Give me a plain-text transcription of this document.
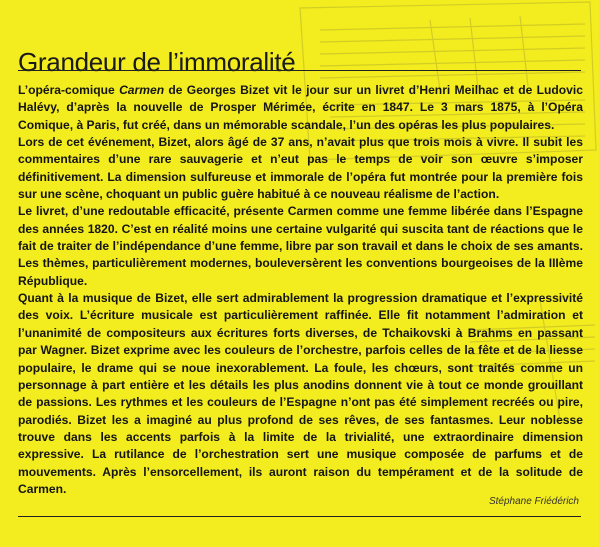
Grandeur de l’immoralité

L’opéra-comique Carmen de Georges Bizet vit le jour sur un livret d’Henri Meilhac et de Ludovic Halévy, d’après la nouvelle de Prosper Mérimée, écrite en 1847. Le 3 mars 1875, à l’Opéra Comique, à Paris, fut créé, dans un mémorable scandale, l’un des opéras les plus populaires.

Lors de cet événement, Bizet, alors âgé de 37 ans, n’avait plus que trois mois à vivre. Il subit les commentaires d’une rare sauvagerie et n’eut pas le temps de voir son œuvre s’imposer définitivement. La dimension sulfureuse et immorale de l’opéra fut montrée pour la première fois sur une scène, choquant un public guère habitué à ce nouveau réalisme de l’action.

Le livret, d’une redoutable efficacité, présente Carmen comme une femme libérée dans l’Espagne des années 1820. C’est en réalité moins une certaine vulgarité qui suscita tant de réactions que le fait de traiter de l’indépendance d’une femme, libre par son travail et dans le choix de ses amants. Les thèmes, particulièrement modernes, bouleversèrent les conventions bourgeoises de la IIIème République.

Quant à la musique de Bizet, elle sert admirablement la progression dramatique et l’expressivité des voix. L’écriture musicale est particulièrement raffinée. Elle fit notamment l’admiration et l’unanimité de compositeurs aux écritures forts diverses, de Tchaikovski à Brahms en passant par Wagner. Bizet exprime avec les couleurs de l’orchestre, parfois celles de la fête et de la liesse populaire, le drame qui se noue inexorablement. La foule, les chœurs, sont traités comme un personnage à part entière et les détails les plus anodins donnent vie à tout ce monde grouillant de passions. Les rythmes et les couleurs de l’Espagne n’ont pas été simplement recréés ou pire, parodiés. Bizet les a imaginé au plus profond de ses rêves, de ses fantasmes. Leur noblesse trouve dans les accents parfois à la limite de la trivialité, une extraordinaire dimension expressive. La rutilance de l’orchestration sert une musique composée de parfums et de mouvements. Après l’ensorcellement, ils auront raison du tempérament et de la solitude de Carmen.

Stéphane Friédérich
